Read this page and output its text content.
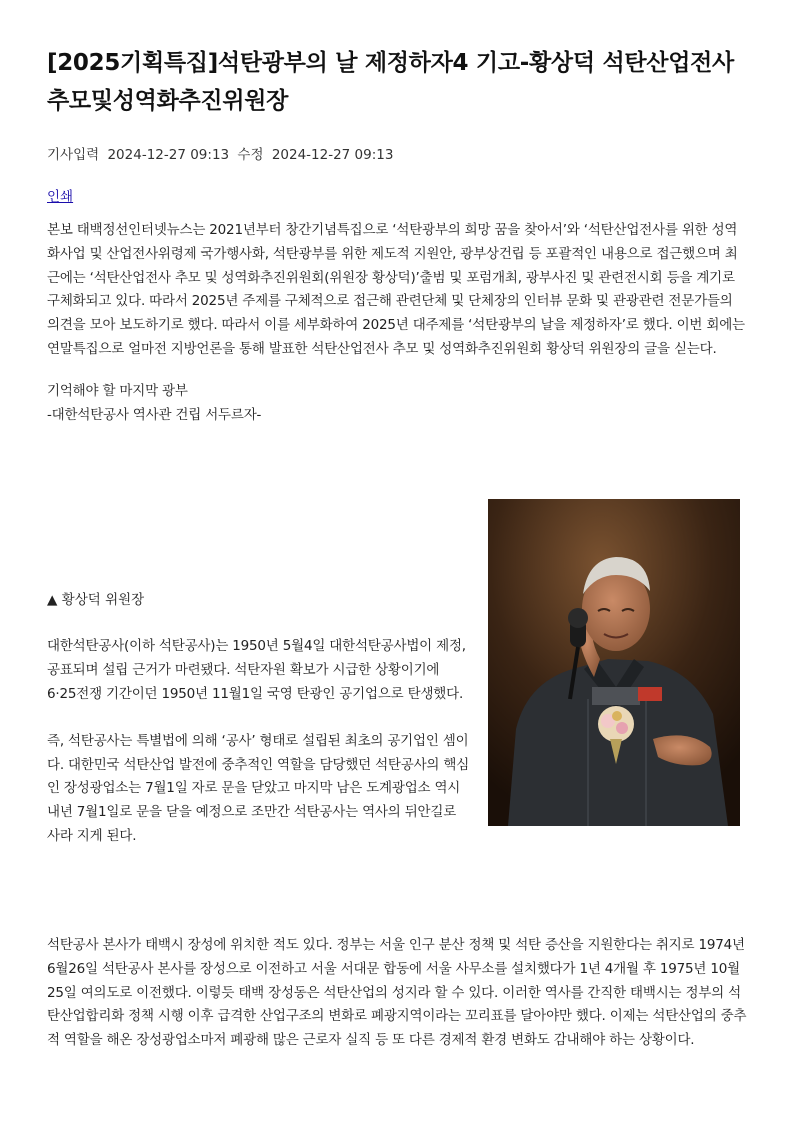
[2025기획특집]석탄광부의 날 제정하자4 기고-황상덕 석탄산업전사추모및성역화추진위원장
기사입력 2024-12-27 09:13 수정 2024-12-27 09:13
인쇄

본보 태백정선인터넷뉴스는 2021년부터 창간기념특집으로 ‘석탄광부의 희망 꿈을 찾아서’와 ‘석탄산업전사를 위한 성역화사업 및 산업전사위령제 국가행사화, 석탄광부를 위한 제도적 지원안, 광부상건립 등 포괄적인 내용으로 접근했으며 최근에는 ‘석탄산업전사 추모 및 성역화추진위원회(위원장 황상덕)’출범 및 포럼개최, 광부사진 및 관련전시회 등을 계기로 구체화되고 있다. 따라서 2025년 주제를 구체적으로 접근해 관련단체 및 단체장의 인터뷰 문화 및 관광관련 전문가들의 의견을 모아 보도하기로 했다. 따라서 이를 세부화하여 2025년 대주제를 ‘석탄광부의 날을 제정하자’로 했다. 이번 회에는 연말특집으로 얼마전 지방언론을 통해 발표한 석탄산업전사 추모 및 성역화추진위원회 황상덕 위원장의 글을 싣는다.

기억해야 할 마지막 광부

-대한석탄공사 역사관 건립 서두르자-

▲ 황상덕 위원장

대한석탄공사(이하 석탄공사)는 1950년 5월4일 대한석탄공사법이 제정, 공표되며 설립 근거가 마련됐다. 석탄자원 확보가 시급한 상황이기에 6·25전쟁 기간이던 1950년 11월1일 국영 탄광인 공기업으로 탄생했다.

즉, 석탄공사는 특별법에 의해 ‘공사’ 형태로 설립된 최초의 공기업인 셈이다. 대한민국 석탄산업 발전에 중추적인 역할을 담당했던 석탄공사의 핵심인 장성광업소는 7월1일 자로 문을 닫았고 마지막 남은 도계광업소 역시 내년 7월1일로 문을 닫을 예정으로 조만간 석탄공사는 역사의 뒤안길로 사라 지게 된다.

석탄공사 본사가 태백시 장성에 위치한 적도 있다. 정부는 서울 인구 분산 정책 및 석탄 증산을 지원한다는 취지로 1974년 6월26일 석탄공사 본사를 장성으로 이전하고 서울 서대문 합동에 서울 사무소를 설치했다가 1년 4개월 후 1975년 10월25일 여의도로 이전했다. 이렇듯 태백 장성동은 석탄산업의 성지라 할 수 있다. 이러한 역사를 간직한 태백시는 정부의 석탄산업합리화 정책 시행 이후 급격한 산업구조의 변화로 폐광지역이라는 꼬리표를 달아야만 했다. 이제는 석탄산업의 중추적 역할을 해온 장성광업소마저 폐광해 많은 근로자 실직 등 또 다른 경제적 환경 변화도 감내해야 하는 상황이다.
